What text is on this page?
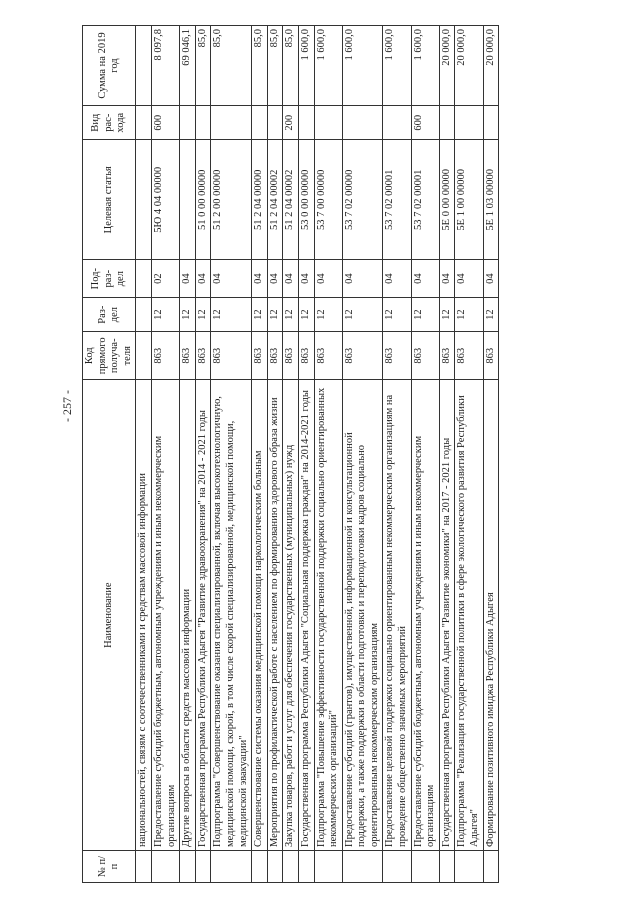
- 257 -
№ п/п	Наименование	Код прямого получа-теля	Раз-дел	Под-раз-дел	Целевая статья	Вид рас-хода	Сумма на 2019 год
	национальностей, связям с соотечественниками и средствам массовой информации						
	Предоставление субсидий бюджетным, автономным учреждениям и иным некоммерческим организациям	863	12	02	5Ю 4 04 00000	600	8 097,8
	Другие вопросы в области средств массовой информации	863	12	04			69 046,1
	Государственная программа Республики Адыгея "Развитие здравоохранения" на 2014 - 2021 годы	863	12	04	51 0 00 00000		85,0
	Подпрограмма "Совершенствование оказания специализированной, включая высокотехнологичную, медицинской помощи, скорой, в том числе скорой специализированной, медицинской помощи, медицинской эвакуации"	863	12	04	51 2 00 00000		85,0
	Совершенствование системы оказания медицинской помощи наркологическим больным	863	12	04	51 2 04 00000		85,0
	Мероприятия по профилактической работе с населением по формированию здорового образа жизни	863	12	04	51 2 04 00002		85,0
	Закупка товаров, работ и услуг для обеспечения государственных (муниципальных) нужд	863	12	04	51 2 04 00002	200	85,0
	Государственная программа Республики Адыгея "Социальная поддержка граждан" на 2014-2021 годы	863	12	04	53 0 00 00000		1 600,0
	Подпрограмма "Повышение эффективности государственной поддержки социально ориентированных некоммерческих организаций"	863	12	04	53 7 00 00000		1 600,0
	Предоставление субсидий (грантов), имущественной, информационной и консультационной поддержки, а также поддержки в области подготовки и переподготовки кадров социально ориентированным некоммерческим организациям	863	12	04	53 7 02 00000		1 600,0
	Предоставление целевой поддержки социально ориентированным некоммерческим организациям на проведение общественно значимых мероприятий	863	12	04	53 7 02 00001		1 600,0
	Предоставление субсидий бюджетным, автономным учреждениям и иным некоммерческим организациям	863	12	04	53 7 02 00001	600	1 600,0
	Государственная программа Республики Адыгея "Развитие экономики" на 2017 - 2021 годы	863	12	04	5Е 0 00 00000		20 000,0
	Подпрограмма "Реализация государственной политики в сфере экологического развития Республики Адыгея"	863	12	04	5Е 1 00 00000		20 000,0
	Формирование позитивного имиджа Республики Адыгея	863	12	04	5Е 1 03 00000		20 000,0
